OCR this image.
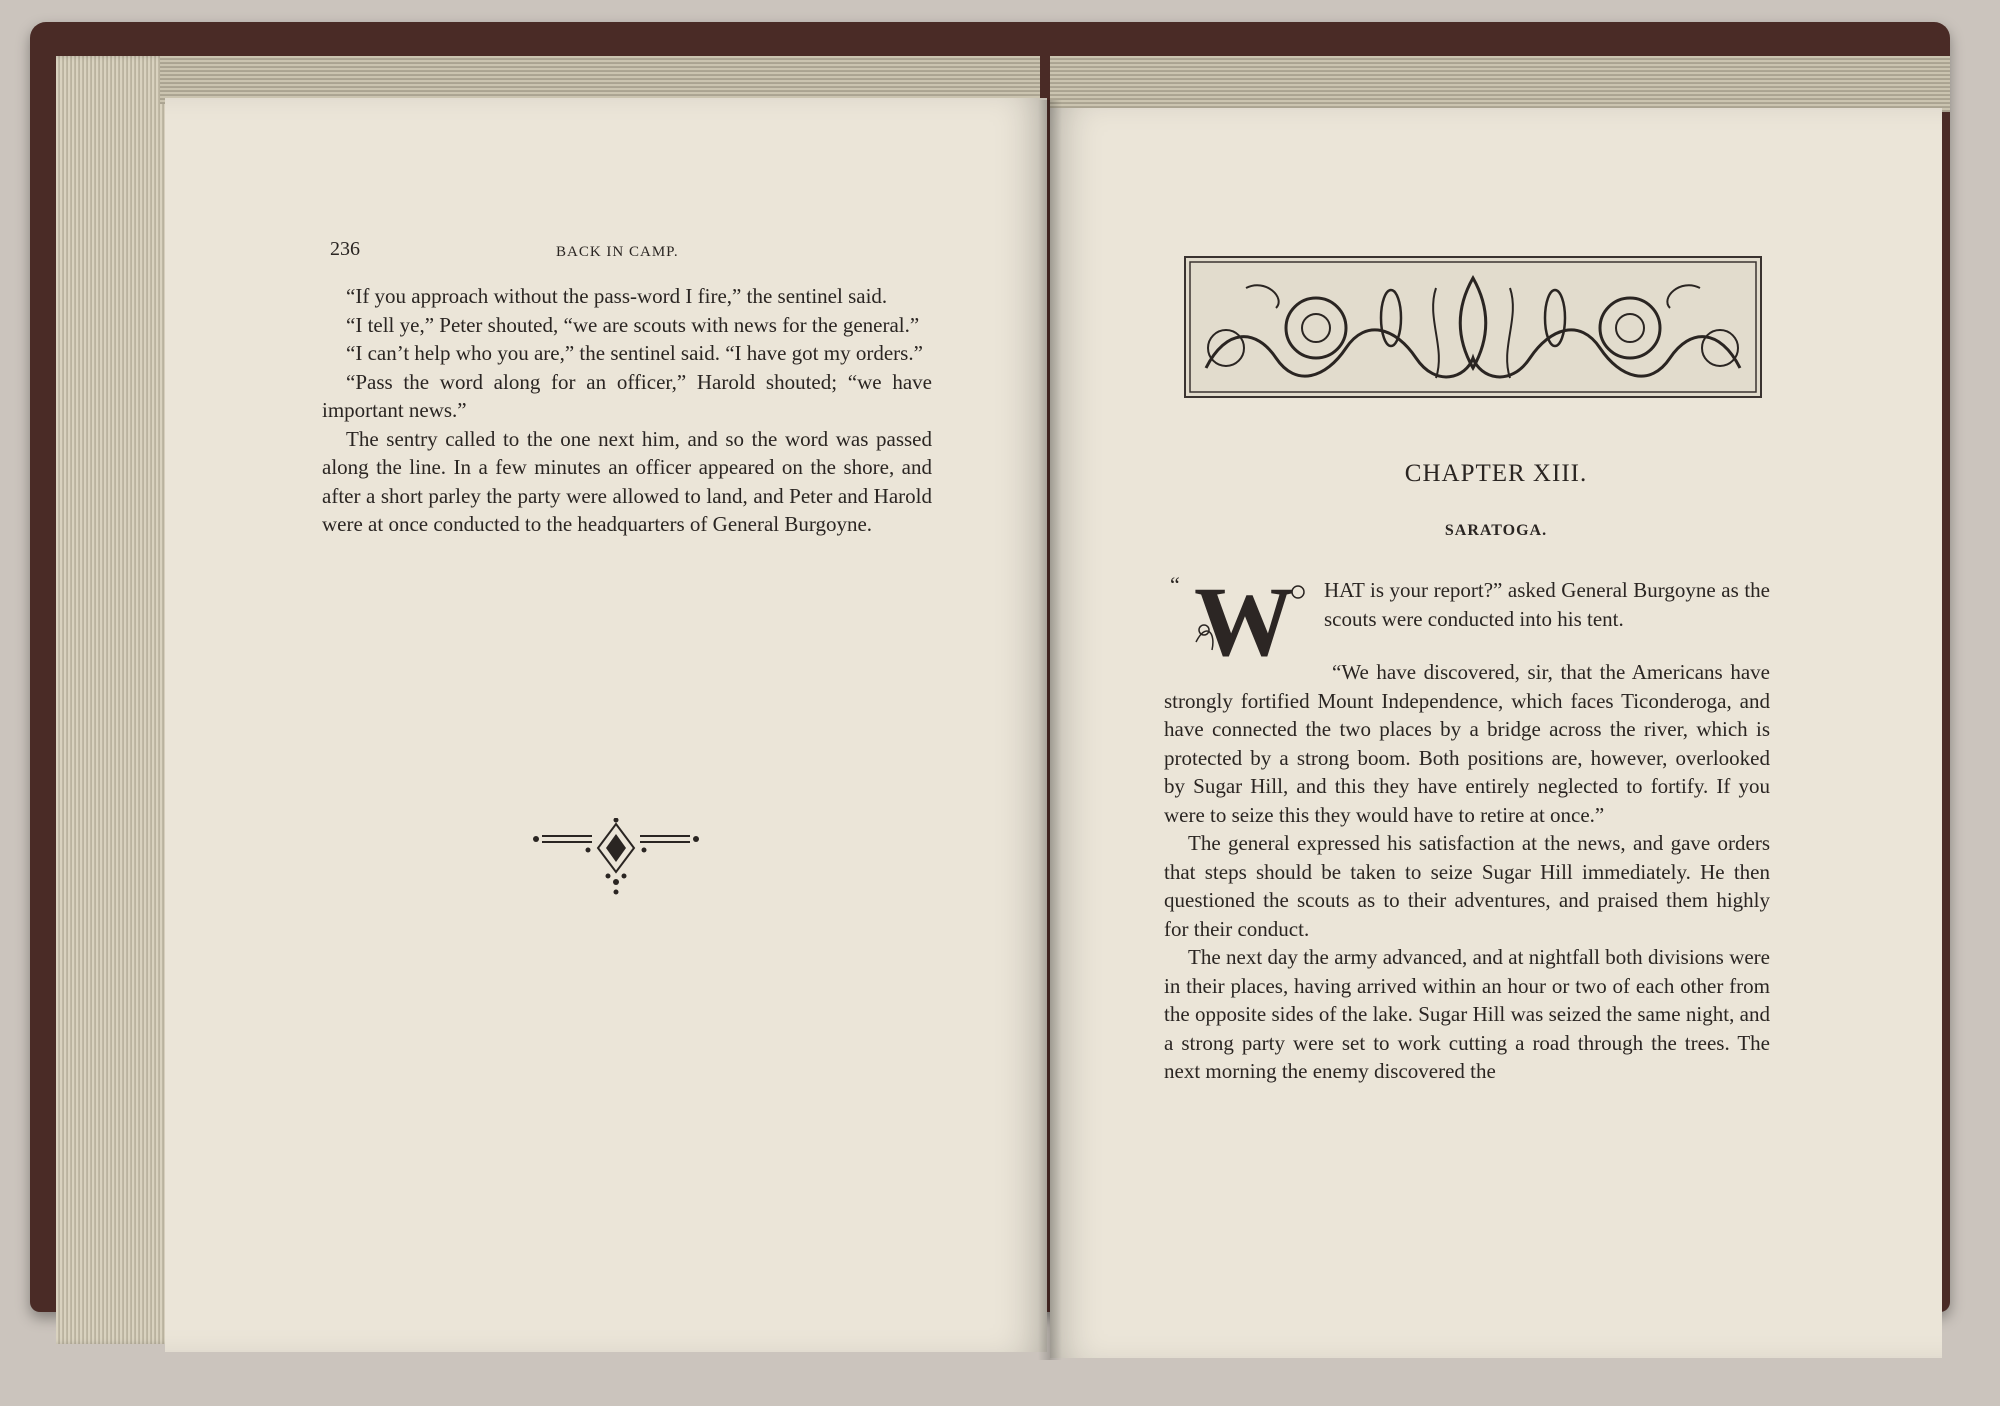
236	BACK IN CAMP.

“If you approach without the pass-word I fire,” the sentinel said.

“I tell ye,” Peter shouted, “we are scouts with news for the general.”

“I can’t help who you are,” the sentinel said. “I have got my orders.”

“Pass the word along for an officer,” Harold shouted; “we have important news.”

The sentry called to the one next him, and so the word was passed along the line. In a few minutes an officer appeared on the shore, and after a short parley the party were allowed to land, and Peter and Harold were at once conducted to the headquarters of General Burgoyne.

CHAPTER XIII.
SARATOGA.
“ W HAT is your report?” asked General Burgoyne as the scouts were conducted into his tent.

“We have discovered, sir, that the Americans have strongly fortified Mount Independence, which faces Ticonderoga, and have connected the two places by a bridge across the river, which is protected by a strong boom. Both positions are, however, overlooked by Sugar Hill, and this they have entirely neglected to fortify. If you were to seize this they would have to retire at once.”

The general expressed his satisfaction at the news, and gave orders that steps should be taken to seize Sugar Hill immediately. He then questioned the scouts as to their adventures, and praised them highly for their conduct.

The next day the army advanced, and at nightfall both divisions were in their places, having arrived within an hour or two of each other from the opposite sides of the lake. Sugar Hill was seized the same night, and a strong party were set to work cutting a road through the trees. The next morning the enemy discovered the
